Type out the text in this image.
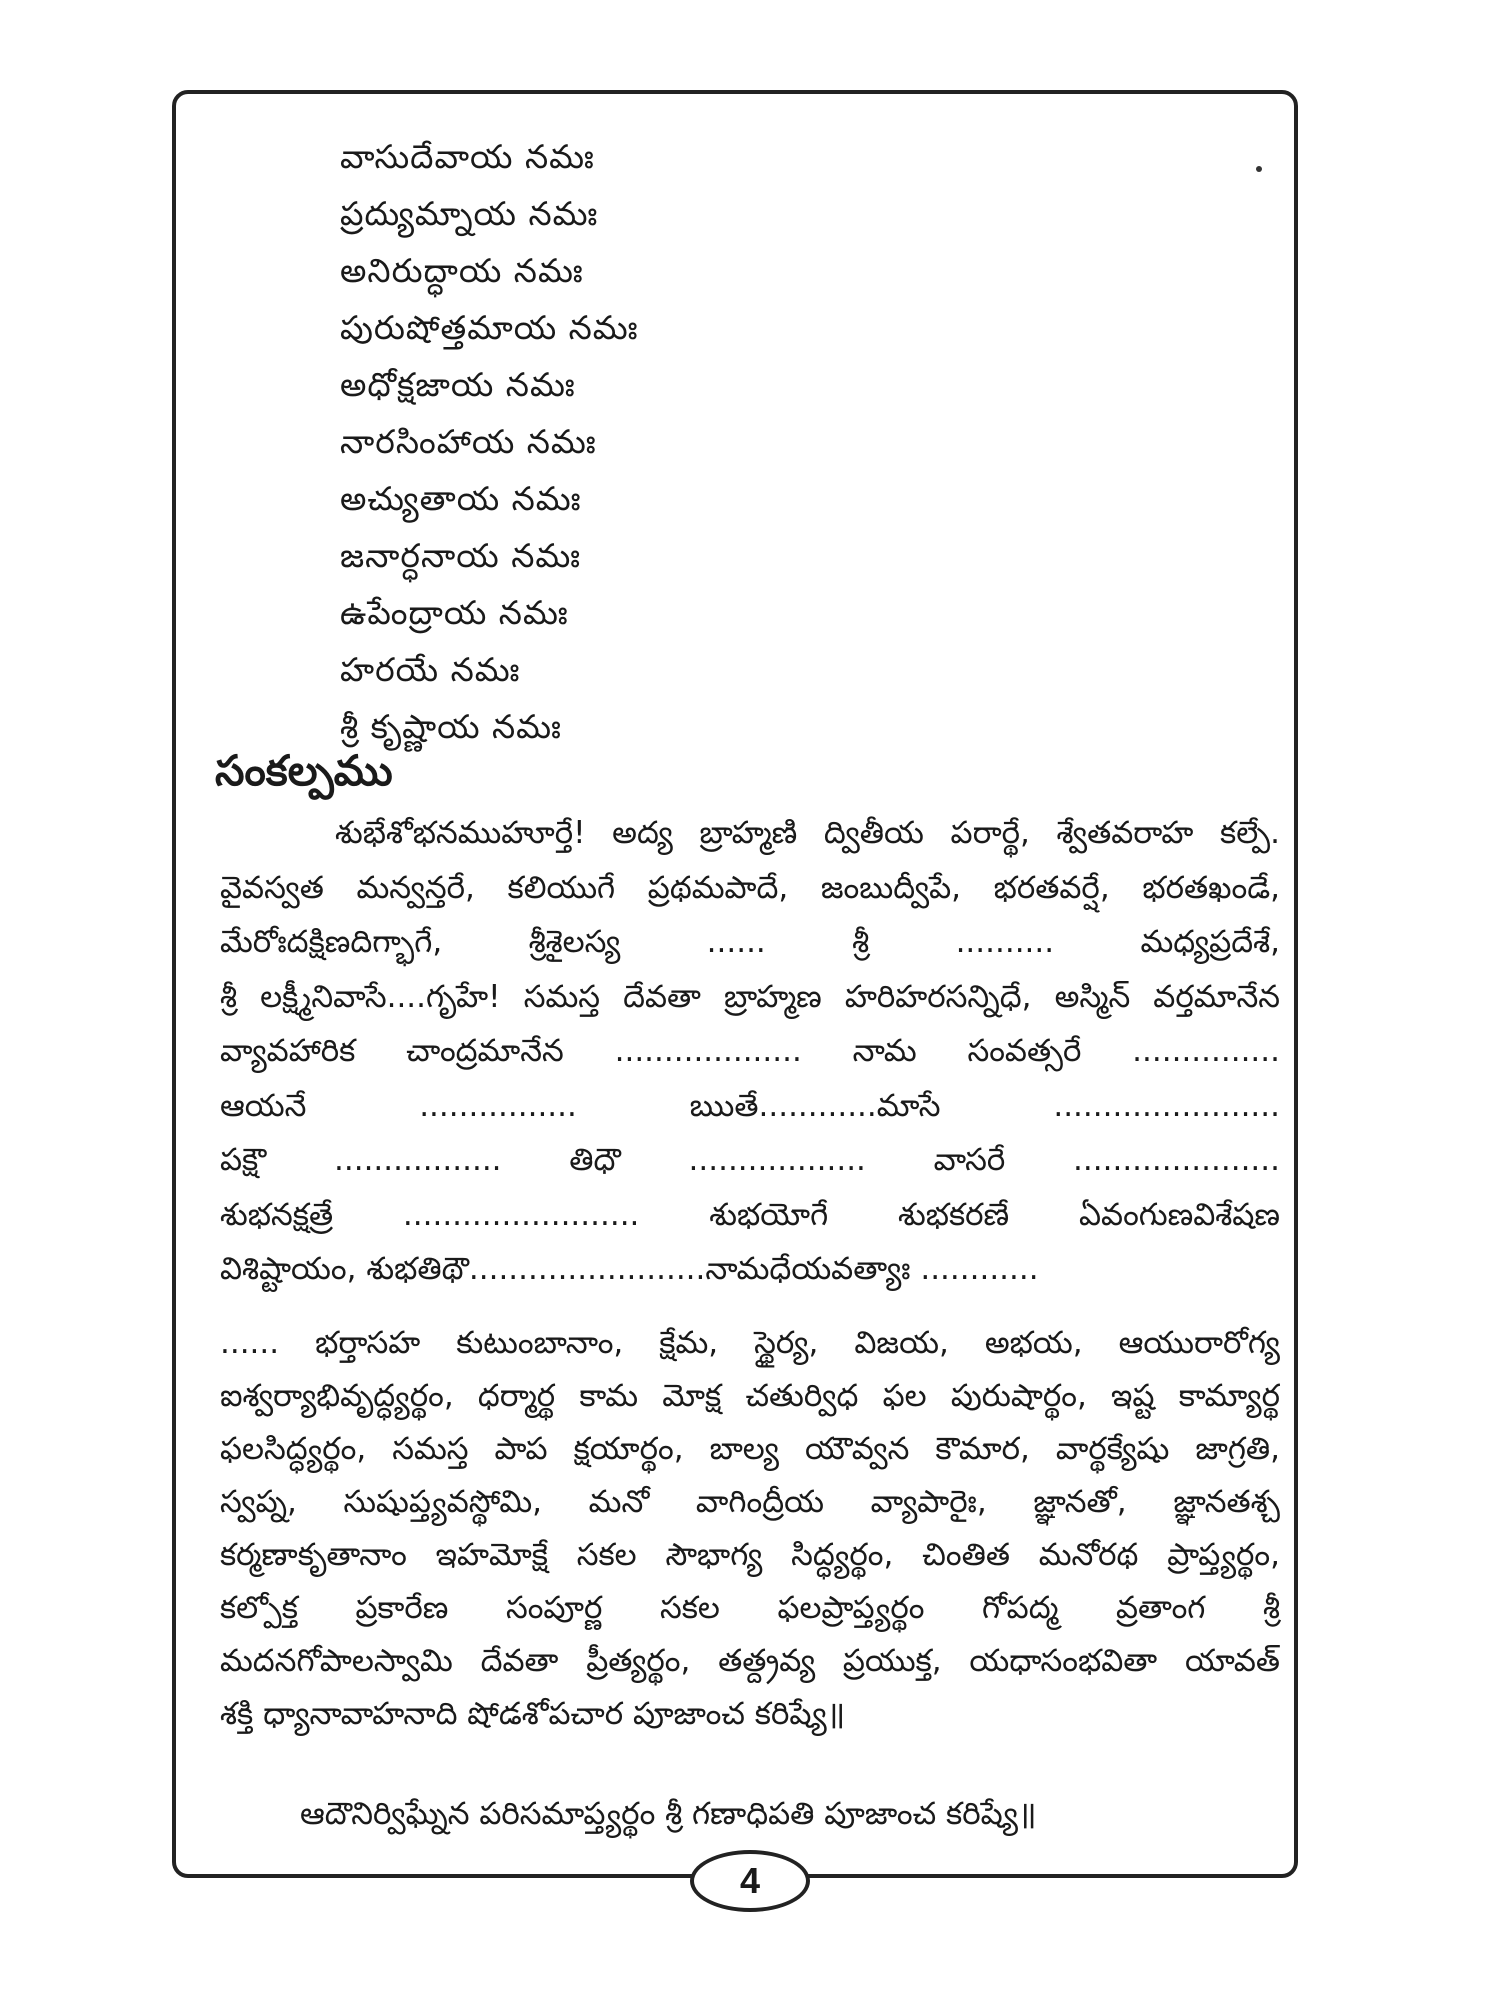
వాసుదేవాయ నమః
ప్రద్యుమ్నాయ నమః
అనిరుద్ధాయ నమః
పురుషోత్తమాయ నమః
అధోక్షజాయ నమః
నారసింహాయ నమః
అచ్యుతాయ నమః
జనార్ధనాయ నమః
ఉపేంద్రాయ నమః
హరయే నమః
శ్రీ కృష్ణాయ నమః
సంకల్పము
శుభేశోభనముహూర్తే! అద్య బ్రాహ్మణి ద్వితీయ పరార్థే, శ్వేతవరాహ కల్పే.
వైవస్వత మన్వన్తరే, కలియుగే ప్రథమపాదే, జంబుద్వీపే, భరతవర్షే, భరతఖండే,
మేరోఃదక్షిణదిగ్భాగే, శ్రీశైలస్య ...... శ్రీ .......... మధ్యప్రదేశే,
శ్రీ లక్ష్మీనివాసే....గృహే! సమస్త దేవతా బ్రాహ్మణ హరిహరసన్నిధే, అస్మిన్ వర్తమానేన
వ్యావహారిక చాంద్రమానేన ................... నామ సంవత్సరే ...............
ఆయనే ................ ఋతే............మాసే .......................
పక్షౌ ................. తిధౌ .................. వాసరే .....................
శుభనక్షత్రే ........................ శుభయోగే శుభకరణే ఏవంగుణవిశేషణ
విశిష్టాయం, శుభతిథౌ........................నామధేయవత్యాః ............
...... భర్తాసహ కుటుంబానాం, క్షేమ, స్థైర్య, విజయ, అభయ, ఆయురారోగ్య
ఐశ్వర్యాభివృద్ధ్యర్థం, ధర్మార్థ కామ మోక్ష చతుర్విధ ఫల పురుషార్థం, ఇష్ట కామ్యార్థ
ఫలసిద్ధ్యర్థం, సమస్త పాప క్షయార్థం, బాల్య యౌవ్వన కౌమార, వార్థక్యేషు జాగ్రతి,
స్వప్న, సుషుప్త్యవస్థోమి, మనో వాగింద్రీయ వ్యాపారైః, జ్ఞానతో, జ్ఞానతశ్చ
కర్మణాకృతానాం ఇహమోక్షే సకల సౌభాగ్య సిద్ధ్యర్థం, చింతిత మనోరథ ప్రాప్త్యర్థం,
కల్పోక్త ప్రకారేణ సంపూర్ణ సకల ఫలప్రాప్త్యర్థం గోపద్మ వ్రతాంగ శ్రీ
మదనగోపాలస్వామి దేవతా ప్రీత్యర్థం, తత్ద్రవ్య ప్రయుక్త, యధాసంభవితా యావత్
శక్తి ధ్యానావాహనాది షోడశోపచార పూజాంచ కరిష్యే॥
ఆదౌనిర్విఘ్నేన పరిసమాప్త్యర్థం శ్రీ గణాధిపతి పూజాంచ కరిష్యే॥
4
